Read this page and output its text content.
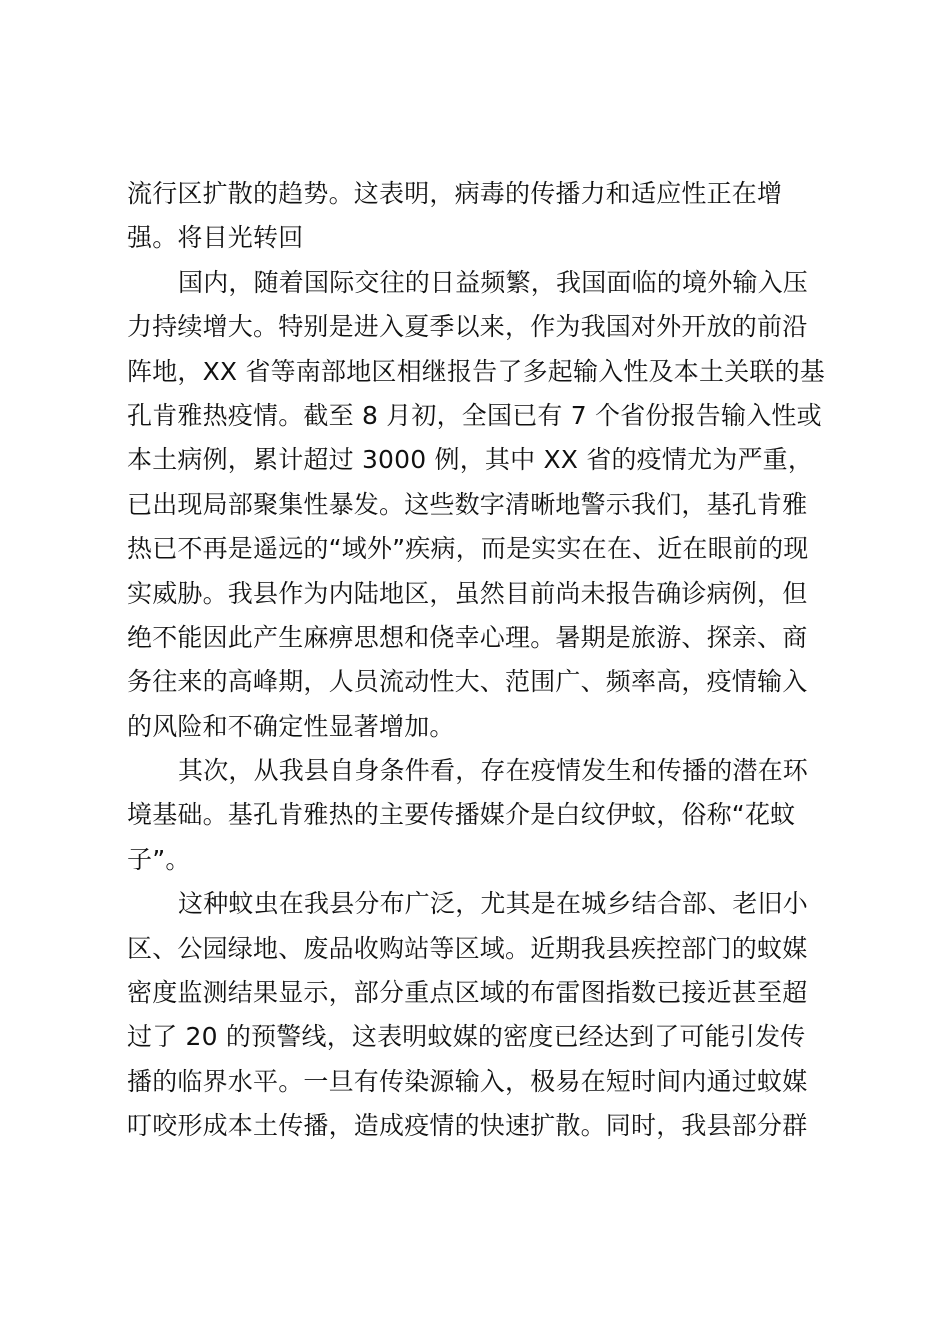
流行区扩散的趋势。这表明，病毒的传播力和适应性正在增
强。将目光转回
国内，随着国际交往的日益频繁，我国面临的境外输入压
力持续增大。特别是进入夏季以来，作为我国对外开放的前沿
阵地，XX 省等南部地区相继报告了多起输入性及本土关联的基
孔肯雅热疫情。截至 8 月初，全国已有 7 个省份报告输入性或
本土病例，累计超过 3000 例，其中 XX 省的疫情尤为严重，
已出现局部聚集性暴发。这些数字清晰地警示我们，基孔肯雅
热已不再是遥远的“域外”疾病，而是实实在在、近在眼前的现
实威胁。我县作为内陆地区，虽然目前尚未报告确诊病例，但
绝不能因此产生麻痹思想和侥幸心理。暑期是旅游、探亲、商
务往来的高峰期，人员流动性大、范围广、频率高，疫情输入
的风险和不确定性显著增加。
其次，从我县自身条件看，存在疫情发生和传播的潜在环
境基础。基孔肯雅热的主要传播媒介是白纹伊蚊，俗称“花蚊
子”。
这种蚊虫在我县分布广泛，尤其是在城乡结合部、老旧小
区、公园绿地、废品收购站等区域。近期我县疾控部门的蚊媒
密度监测结果显示，部分重点区域的布雷图指数已接近甚至超
过了 20 的预警线，这表明蚊媒的密度已经达到了可能引发传
播的临界水平。一旦有传染源输入，极易在短时间内通过蚊媒
叮咬形成本土传播，造成疫情的快速扩散。同时，我县部分群
